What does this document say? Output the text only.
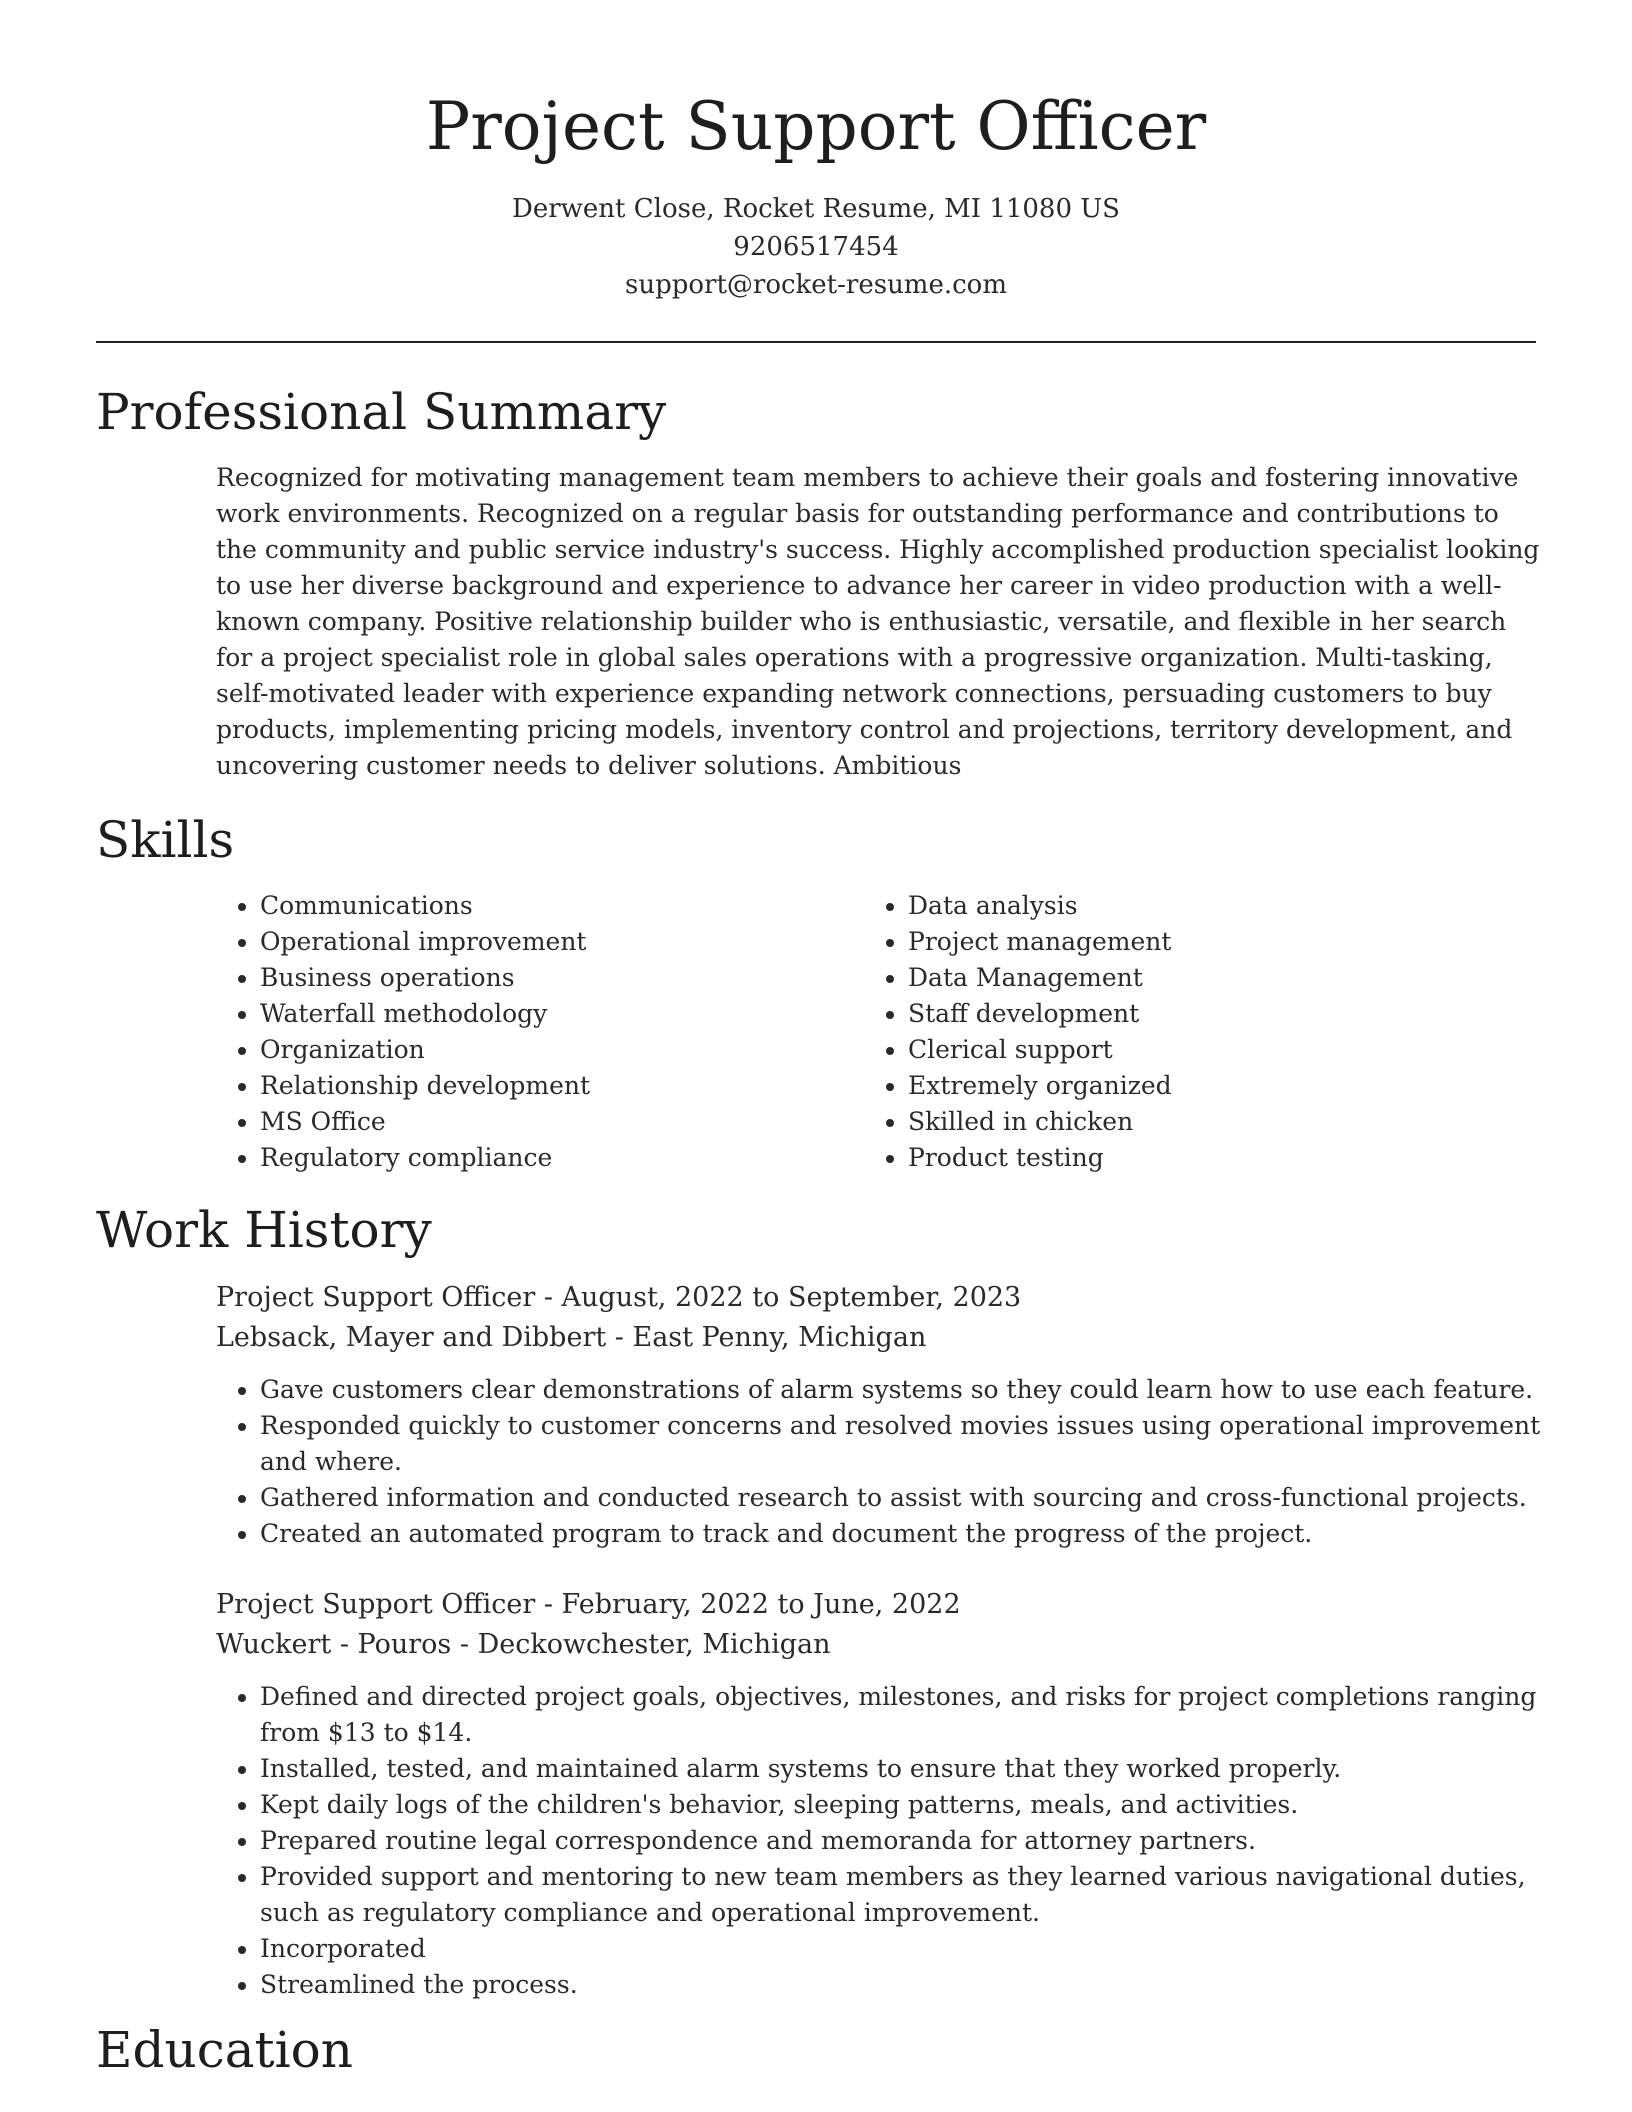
Project Support Officer
Derwent Close, Rocket Resume, MI 11080 US
9206517454
support@rocket-resume.com
Professional Summary

Recognized for motivating management team members to achieve their goals and fostering innovative work environments. Recognized on a regular basis for outstanding performance and contributions to the community and public service industry's success. Highly accomplished production specialist looking to use her diverse background and experience to advance her career in video production with a well-known company. Positive relationship builder who is enthusiastic, versatile, and flexible in her search for a project specialist role in global sales operations with a progressive organization. Multi-tasking, self-motivated leader with experience expanding network connections, persuading customers to buy products, implementing pricing models, inventory control and projections, territory development, and uncovering customer needs to deliver solutions. Ambitious

Skills
• Communications
• Operational improvement
• Business operations
• Waterfall methodology
• Organization
• Relationship development
• MS Office
• Regulatory compliance
• Data analysis
• Project management
• Data Management
• Staff development
• Clerical support
• Extremely organized
• Skilled in chicken
• Product testing
Work History
Project Support Officer - August, 2022 to September, 2023
Lebsack, Mayer and Dibbert - East Penny, Michigan
• Gave customers clear demonstrations of alarm systems so they could learn how to use each feature.
• Responded quickly to customer concerns and resolved movies issues using operational improvement and where.
• Gathered information and conducted research to assist with sourcing and cross-functional projects.
• Created an automated program to track and document the progress of the project.
Project Support Officer - February, 2022 to June, 2022
Wuckert - Pouros - Deckowchester, Michigan
• Defined and directed project goals, objectives, milestones, and risks for project completions ranging from $13 to $14.
• Installed, tested, and maintained alarm systems to ensure that they worked properly.
• Kept daily logs of the children's behavior, sleeping patterns, meals, and activities.
• Prepared routine legal correspondence and memoranda for attorney partners.
• Provided support and mentoring to new team members as they learned various navigational duties, such as regulatory compliance and operational improvement.
• Incorporated
• Streamlined the process.
Education
